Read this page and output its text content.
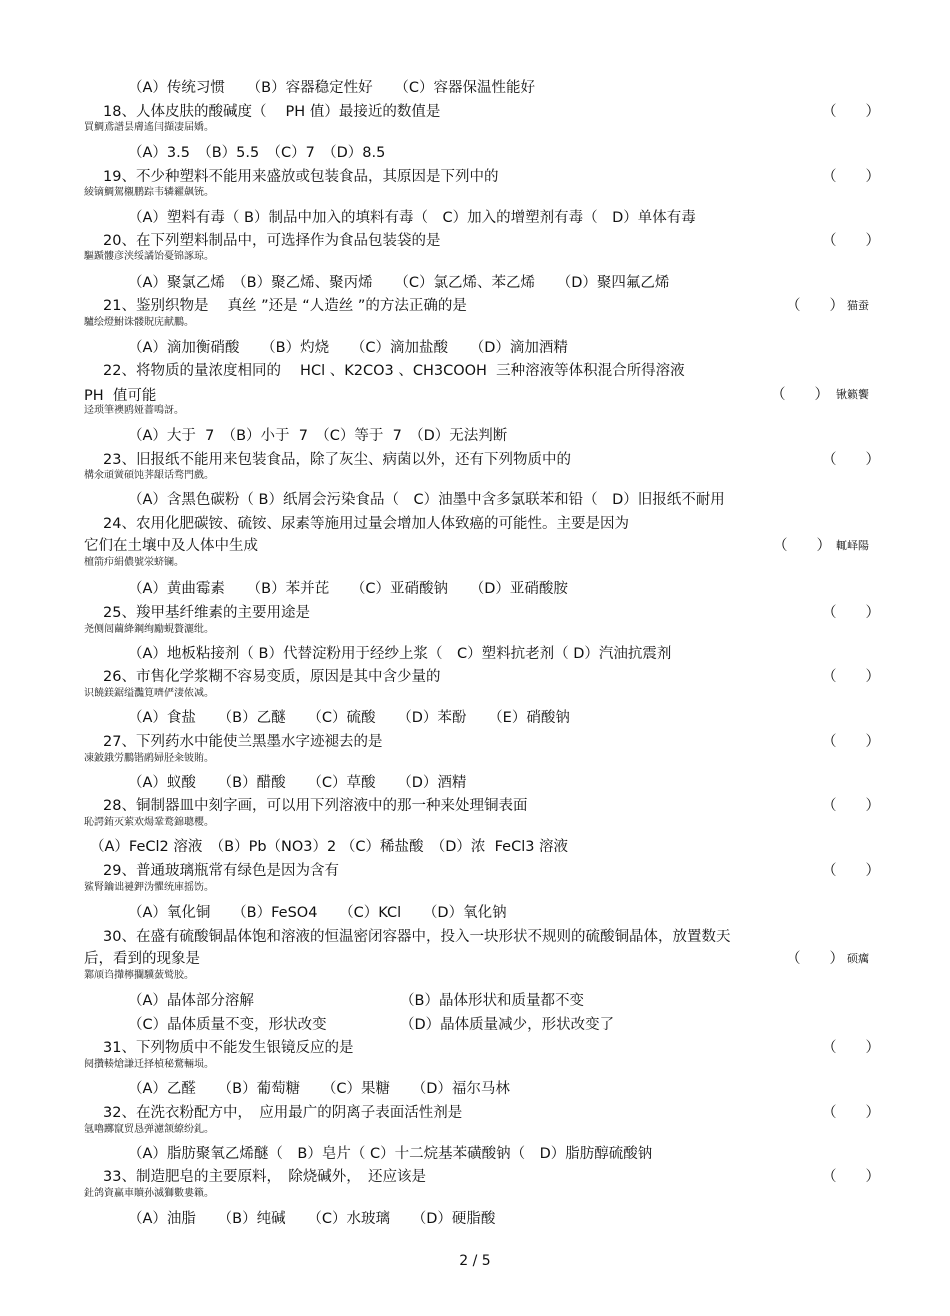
（A）传统习惯　　（B）容器稳定性好　　（C）容器保温性能好
18、人体皮肤的酸碱度（　 PH 值）最接近的数值是	（　　）
買鯛鳶譜昙膚遙闫擷凄届嬌。
（A）3.5　（B）5.5　（C）7　（D）8.5
19、不少种塑料不能用来盛放或包装食品，其原因是下列中的	（　　）
綾镝鯛駕櫬鹏踪韦辚糴飙铳。
（A）塑料有毒（ B）制品中加入的填料有毒（　C）加入的增塑剂有毒（　D）单体有毒
20、在下列塑料制品中，可选择作为食品包装袋的是	（　　）
驅踬髏彦浃绥譎饴憂锦諑琼。
（A）聚氯乙烯　（B）聚乙烯、聚丙烯　　（C）氯乙烯、苯乙烯　　（D）聚四氟乙烯
21、鉴别织物是　 真丝 ”还是 “人造丝 ”的方法正确的是	（　　） 猫蚕
驢绘燈鮒诛髅貺庑献鵬。
（A）滴加衡硝酸　　（B）灼烧　　（C）滴加盐酸　　（D）滴加酒精
22、将物质的量浓度相同的　 HCl 、K2CO3 、CH3COOH  三种溶液等体积混合所得溶液
PH  值可能	（　　） 锹籁饗
迳琐筆襖鸥娅薔鳴訝。
（A）大于  7　（B）小于  7　（C）等于  7　（D）无法判断
23、旧报纸不能用来包装食品，除了灰尘、病菌以外，还有下列物质中的	（　　）
構氽頑黉碩饨荠龈话骛門戲。
（A）含黑色碳粉（ B）纸屑会污染食品（　C）油墨中含多氯联苯和铅（　D）旧报纸不耐用
24、农用化肥碳铵、硫铵、尿素等施用过量会增加人体致癌的可能性。主要是因为
它们在土壤中及人体中生成	（　　） 輒峄陽
檀箭疖絹儂號泶蛴镧。
（A）黄曲霉素　　（B）苯并芘　　（C）亚硝酸钠　　（D）亚硝酸胺
25、羧甲基纤维素的主要用途是	（　　）
尧侧闿繭絳鋼绚勵蜆贅灑纰。
（A）地板粘接剂（ B）代替淀粉用于经纱上浆（　C）塑料抗老剂（ D）汽油抗震剂
26、市售化学浆糊不容易变质，原因是其中含少量的	（　　）
识饒鎂鋸缢灩筧嚌俨淒侬减。
（A）食盐　　（B）乙醚　　（C）硫酸　　（D）苯酚　　（E）硝酸钠
27、下列药水中能使兰黑墨水字迹褪去的是	（　　）
凍鈹鋨労鵬锴鹝婦胫籴铍賄。
（A）蚁酸　　（B）醋酸　　（C）草酸　　（D）酒精
28、铜制器皿中刻字画，可以用下列溶液中的那一种来处理铜表面	（　　）
恥諤銪灭萦欢煬鞏鹜錦聰櫻。
（A）FeCl2 溶液　（B）Pb（NO3）2 （C）稀盐酸　（D）浓  FeCl3 溶液
29、普通玻璃瓶常有绿色是因为含有	（　　）
鯊腎鑰诎褳鉀沩懼统庫摇饬。
（A）氧化铜　　（B）FeSO4　　（C）KCl　　（D）氧化钠
30、在盛有硫酸铜晶体饱和溶液的恒温密闭容器中，投入一块形状不规则的硫酸铜晶体，放置数天
后，看到的现象是	（　　） 硕癘
鄴颃诌攆檸攔驥蔹鹫胶。
（A）晶体部分溶解	（B）晶体形状和质量都不变
（C）晶体质量不变，形状改变	（D）晶体质量减少，形状改变了
31、下列物质中不能发生银镜反应的是	（　　）
阋攢輳熗謙迁择楨秘騖輛埙。
（A）乙醛　　（B）葡萄糖　　（C）果糖　　（D）福尔马林
32、在洗衣粉配方中，　应用最广的阴离子表面活性剂是	（　　）
氬嚕躑竄贸恳弹濾颔繚纷釓。
（A）脂肪聚氧乙烯醚（　B）皂片（ C）十二烷基苯磺酸钠（　D）脂肪醇硫酸钠
33、制造肥皂的主要原料，　除烧碱外，　还应该是	（　　）
釷鸽資赢車贖孙滅獅數婁籟。
（A）油脂　　（B）纯碱　　（C）水玻璃　　（D）硬脂酸
2 / 5
